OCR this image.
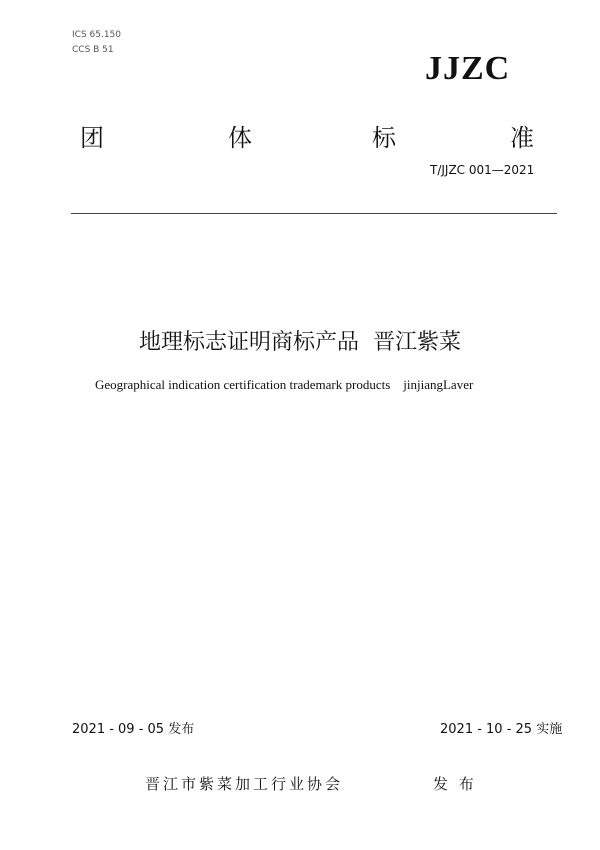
ICS 65.150
CCS B 51	JJZC
团	体	标	准
T/JJZC 001—2021
地理标志证明商标产品  晋江紫菜
Geographical indication certification trademark products    jinjiangLaver
2021 - 09 - 05 发布	2021 - 10 - 25 实施
晋江市紫菜加工行业协会	发 布
